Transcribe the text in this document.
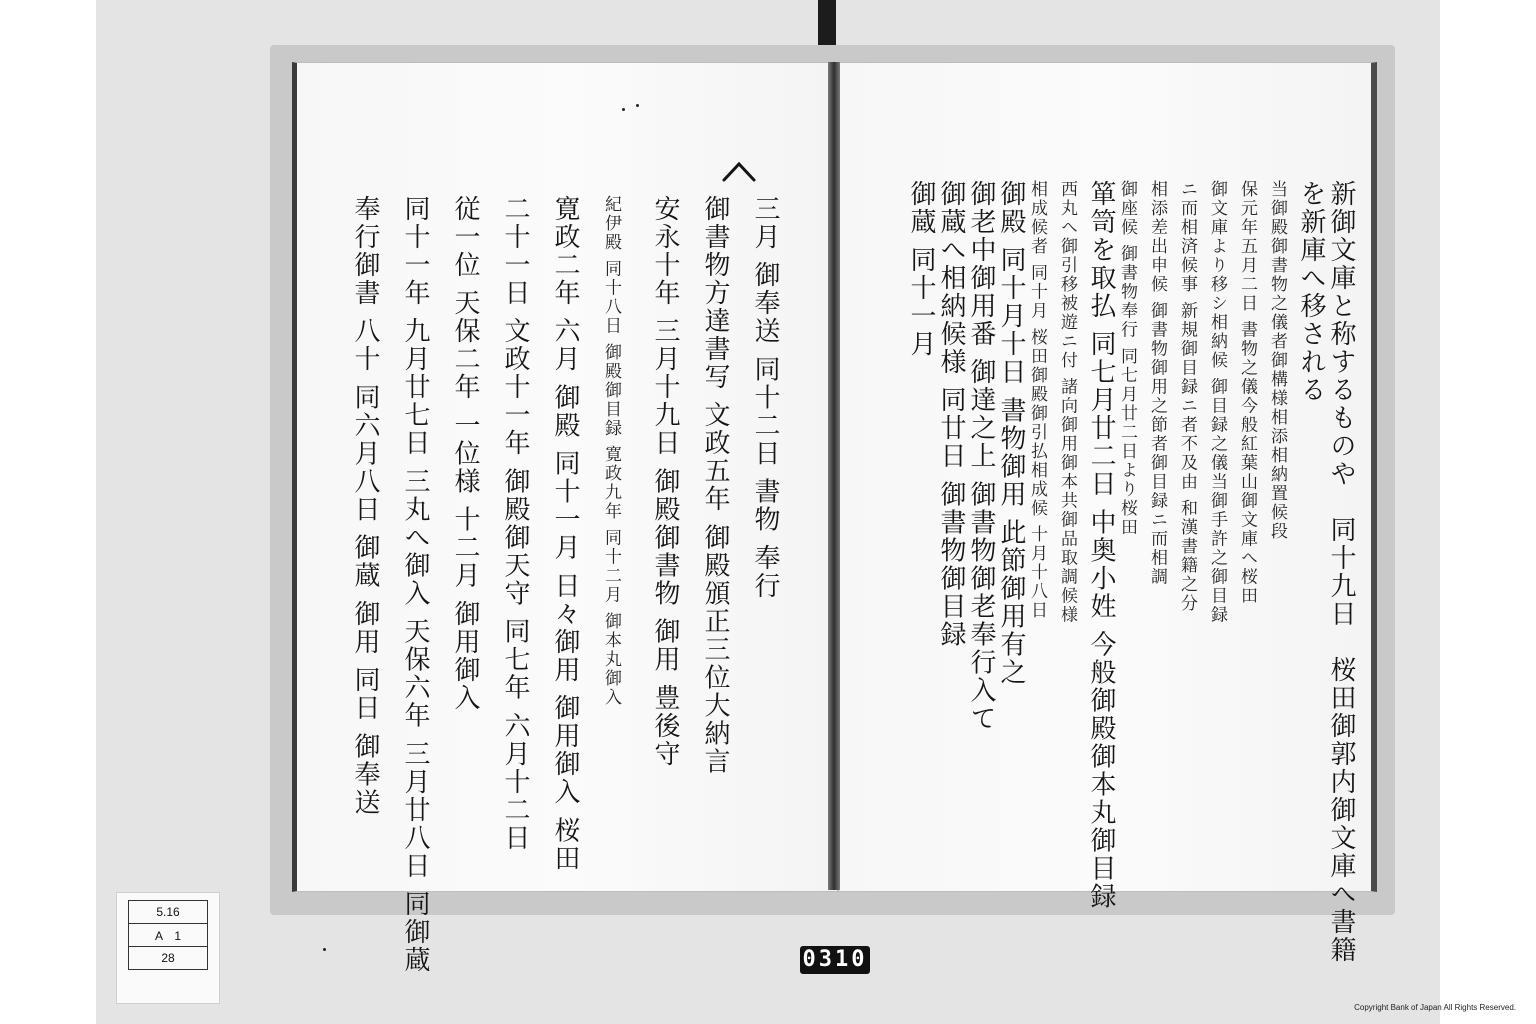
5.16
A　1
28	0310
Copyright Bank of Japan All Rights Reserved.
新御文庫と称するものや　同十九日　桜田御郭内御文庫へ書籍
を新庫へ移される
当御殿御書物之儀者御構様相添相納置候段
保元年五月二日 書物之儀今般紅葉山御文庫へ桜田
御文庫より移シ相納候 御目録之儀当御手許之御目録
ニ而相済候事 新規御目録ニ者不及由 和漢書籍之分
相添差出申候 御書物御用之節者御目録ニ而相調
御座候 御書物奉行 同七月廿二日より桜田
箪笥を取払 同七月廿二日 中奥小姓 今般御殿御本丸御目録
西丸へ御引移被遊ニ付 諸向御用御本共御品取調候様
相成候者 同十月 桜田御殿御引払相成候 十月十八日
御殿 同十月十日 書物御用 此節御用有之
御老中御用番 御達之上 御書物御老奉行入て
御蔵へ相納候様 同廿日 御書物御目録
御蔵 同十一月
三月 御奉送 同十二日 書物 奉行
御書物方達書写 文政五年 御殿頒正三位大納言
安永十年 三月十九日 御殿御書物 御用 豊後守
紀伊殿 同十八日 御殿御目録 寛政九年 同十二月 御本丸御入
寛政二年 六月 御殿 同十一月 日々御用 御用御入 桜田
二十一日 文政十一年 御殿御天守 同七年 六月十二日
従一位 天保二年 一位様 十二月 御用御入
同十一年 九月廿七日 三丸へ御入 天保六年 三月廿八日 同御蔵
奉行御書 八十 同六月八日 御蔵 御用 同日 御奉送
